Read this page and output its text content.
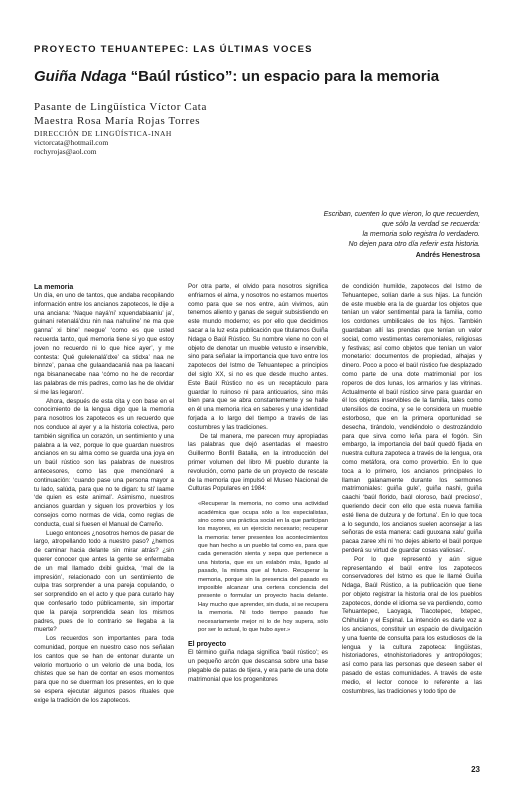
PROYECTO TEHUANTEPEC: LAS ÚLTIMAS VOCES
Guiña Ndaga “Baúl rústico”: un espacio para la memoria
Pasante de Lingüística Víctor Cata
Maestra Rosa María Rojas Torres
DIRECCIÓN DE LINGÜÍSTICA-INAH
victorcata@hotmail.com
rochyrojas@aol.com
Escriban, cuenten lo que vieron, lo que recuerden,
que sólo la verdad se recuerda:
la memoria solo registra lo verdadero.
No dejen para otro día referir esta historia.
Andrés Henestrosa
La memoria

Un día, en uno de tantos, que andaba recopilando información entre los ancianos zapotecos, le dije a una anciana: ‘Naque nayá’ni’ xquendabiaaniu’ ja’, guinani retenalá’dxu nin naa nahuíine’ ne ma que ganna’ xi bine’ neegue’ ‘como es que usted recuerda tanto, qué memoria tiene si yo que estoy joven no recuerdo ni lo que hice ayer’, y me contesta: Qué gulelenalá’dxe’ ca stidxa’ naa ne binnze’, panaa che gulaandacaniá naa pa laacani nga bisananecabe naa ‘cómo no he de recordar las palabras de mis padres, como las he de olvidar si me las legaron’.

Ahora, después de esta cita y con base en el conocimiento de la lengua digo que la memoria para nosotros los zapotecos es un recuerdo que nos conduce al ayer y a la historia colectiva, pero también significa un corazón, un sentimiento y una palabra a la vez, porque lo que guardan nuestros ancianos en su alma como se guarda una joya en un baúl rústico son las palabras de nuestros antecesores, como las que menciónaré a continuación: ‘cuando pase una persona mayor a tu lado, salúda, para que no te digan: tu sti’ laame ‘de quien es este animal’. Asimismo, nuestros ancianos guardan y siguen los proverbios y los consejos como normas de vida, como reglas de conducta, cual si fuesen el Manual de Carreño.

Luego entonces ¿nosotros hemos de pasar de largo, atropellando todo a nuestro paso? ¿hemos de caminar hacia delante sin mirar atrás? ¿sin querer conocer que antes la gente se enfermaba de un mal llamado dxibi guidxa, ‘mal de la impresión’, relacionado con un sentimiento de culpa tras sorprender a una pareja copulando, o ser sorprendido en el acto y que para curarlo hay que confesarlo todo públicamente, sin importar que la pareja sorprendida sean los mismos padres, pues de lo contrario se llegaba a la muerte?

Los recuerdos son importantes para toda comunidad, porque en nuestro caso nos señalan los cantos que se han de entonar durante un velorio mortuorio o un velorio de una boda, los chistes que se han de contar en esos momentos para que no se duerman los presentes, en lo que se espera ejecutar algunos pasos rituales que exige la tradición de los zapotecos.

Por otra parte, el olvido para nosotros significa enfriarnos el alma, y nosotros no estamos muertos como para que se nos entre, aún vivimos, aún tenemos aliento y ganas de seguir subsistiendo en este mundo moderno; es por ello que decidimos sacar a la luz esta publicación que titulamos Guiña Ndaga o Baúl Rústico. Su nombre viene no con el objeto de denotar un mueble vetusto e inservible, sino para señalar la importancia que tuvo entre los zapotecos del Istmo de Tehuantepec a principios del siglo XX, si no es que desde mucho antes. Este Baúl Rústico no es un receptáculo para guardar lo ruinoso ni para anticuarios, sino más bien para que se abra constantemente y se halle en él una memoria rica en saberes y una identidad forjada a lo largo del tiempo a través de las costumbres y las tradiciones.

De tal manera, me parecen muy apropiadas las palabras que dejó asentadas el maestro Guillermo Bonfil Batalla, en la introducción del primer volumen del libro Mi pueblo durante la revolución, como parte de un proyecto de rescate de la memoria que impulsó el Museo Nacional de Culturas Populares en 1984:

«Recuperar la memoria, no como una actividad académica que ocupa sólo a los especialistas, sino como una práctica social en la que participan los mayores, es un ejercicio necesario; recuperar la memoria: tener presentes los acontecimientos que han hecho a un pueblo tal como es, para que cada generación sienta y sepa que pertenece a una historia, que es un eslabón más, ligado al pasado, la misma que al futuro. Recuperar la memoria, porque sin la presencia del pasado es imposible alcanzar una certera conciencia del presente o formular un proyecto hacia delante. Hay mucho que aprender, sin duda, si se recupera la memoria. Ni todo tiempo pasado fue necesariamente mejor ni lo de hoy supera, sólo por ser lo actual, lo que hubo ayer.»
El proyecto

El término guiña ndaga significa ‘baúl rústico’; es un pequeño arcón que descansa sobre una base plegable de patas de tijera, y era parte de una dote matrimonial que los progenitores

de condición humilde, zapotecos del Istmo de Tehuantepec, solían darle a sus hijas. La función de este mueble era la de guardar los objetos que tenían un valor sentimental para la familia, como los cordones umbilicales de los hijos. También guardaban allí las prendas que tenían un valor social, como vestimentas ceremoniales, religiosas y festivas; así como objetos que tenían un valor monetario: documentos de propiedad, alhajas y dinero. Poco a poco el baúl rústico fue desplazado como parte de una dote matrimonial por los roperos de dos lunas, los armarios y las vitrinas. Actualmente el baúl rústico sirve para guardar en él los objetos inservibles de la familia, tales como utensilios de cocina, y se le considera un mueble estorboso, que en la primera oportunidad se desecha, tirándolo, vendiéndolo o destrozándolo para que sirva como leña para el fogón. Sin embargo, la importancia del baúl quedó fijada en nuestra cultura zapoteca a través de la lengua, ora como metáfora, ora como proverbio. En lo que toca a lo primero, los ancianos principales lo llaman galanamente durante los sermones matrimoniales: guiña gule’, guiña nashi, guiña caachi ‘baúl florido, baúl oloroso, baúl precioso’, queriendo decir con ello que esta nueva familia esté llena de dulzura y de fortuna’. En lo que toca a lo segundo, los ancianos suelen aconsejar a las señoras de esta manera: cadi guuxana xalu’ guiña pacaa zaree xhi ni ‘no dejes abierto el baúl porque perderá su virtud de guardar cosas valiosas’.

Por lo que representó y aún sigue representando el baúl entre los zapotecos conservadores del Istmo es que le llamé Guiña Ndaga, Baúl Rústico, a la publicación que tiene por objeto registrar la historia oral de los pueblos zapotecos, donde el idioma se va perdiendo, como Tehuantepec, Laoyaga, Tlacotepec, Ixtepec, Chihuitán y el Espinal. La intención es darle voz a los ancianos, constituir un espacio de divulgación y una fuente de consulta para los estudiosos de la lengua y la cultura zapoteca: lingüistas, historiadores, etnohistoriadores y antropólogos; así como para las personas que deseen saber el pasado de estas comunidades. A través de este medio, el lector conoce lo referente a las costumbres, las tradiciones y todo tipo de

23
